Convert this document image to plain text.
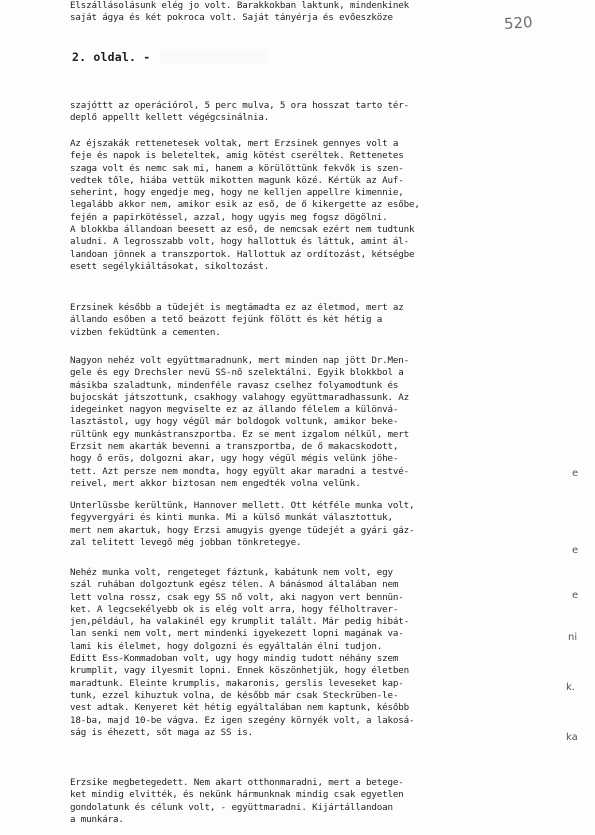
520
2. oldal. -
szajóttt az operációrol, 5 perc mulva, 5 ora hosszat tarto tér-
deplő appellt kellett végégcsinálnia.
Az éjszakák rettenetesek voltak, mert Erzsinek gennyes volt a
feje és napok is beleteltek, amig kötést cseréltek. Rettenetes
szaga volt és nemc sak mi, hanem a körülöttünk fekvők is szen-
vedtek tőle, hiába vettük mikotten magunk közé. Kértük az Auf-
seherint, hogy engedje meg, hogy ne kelljen appellre kimennie,
legalább akkor nem, amikor esik az eső, de ő kikergette az esőbe,
fején a papirkötéssel, azzal, hogy ugyis meg fogsz dögölni.
A blokkba állandoan beesett az eső, de nemcsak ezért nem tudtunk
aludni. A legrosszabb volt, hogy hallottuk és láttuk, amint ál-
landoan jönnek a transzportok. Hallottuk az ordítozást, kétségbe
esett segélykiáltásokat, sikoltozást.
Erzsinek később a tüdejét is megtámadta ez az életmod, mert az
állando esőben a tető beázott fejünk fölött és két hétig a
vizben feküdtünk a cementen.
Nagyon nehéz volt együttmaradnunk, mert minden nap jött Dr.Men-
gele és egy Drechsler nevü SS-nő szelektálni. Egyik blokkbol a
másikba szaladtunk, mindenféle ravasz cselhez folyamodtunk és
bujocskát játszottunk, csakhogy valahogy együttmaradhassunk. Az
idegeinket nagyon megviselte ez az állando félelem a különvá-
lasztástol, ugy hogy végül már boldogok voltunk, amikor beke-
rültünk egy munkástranszportba. Ez se ment izgalom nélkül, mert
Erzsit nem akarták bevenni a transzportba, de ő makacskodott,
hogy ő erös, dolgozni akar, ugy hogy végül mégis velünk jöhe-
tett. Azt persze nem mondta, hogy egyült akar maradni a testvé-
reivel, mert akkor biztosan nem engedték volna velünk.
Unterlüssbe kerültünk, Hannover mellett. Ott kétféle munka volt,
fegyvergyári és kinti munka. Mi a külső munkát választottuk,
mert nem akartuk, hogy Erzsi amugyis gyenge tüdejét a gyári gáz-
zal telitett levegő még jobban tönkretegye.
Nehéz munka volt, rengeteget fáztunk, kabátunk nem volt, egy
szál ruhában dolgoztunk egész télen. A bánásmod általában nem
lett volna rossz, csak egy SS nő volt, aki nagyon vert bennün-
ket. A legcsekélyebb ok is elég volt arra, hogy félholtraver-
jen,például, ha valakinél egy krumplit talált. Már pedig hibát-
lan senki nem volt, mert mindenki igyekezett lopni magának va-
lami kis élelmet, hogy dolgozni és egyáltalán élni tudjon.
Editt Ess-Kommadoban volt, ugy hogy mindig tudott néhány szem
krumplit, vagy ilyesmit lopni. Ennek köszönhetjük, hogy életben
maradtunk. Eleinte krumplis, makaronis, gerslis leveseket kap-
tunk, ezzel kihuztuk volna, de később már csak Steckrüben-le-
vest adtak. Kenyeret két hétig egyáltalában nem kaptunk, később
18-ba, majd 10-be vágva. Ez igen szegény környék volt, a lakosá-
ság is éhezett, sőt maga az SS is.
Erzsike megbetegedett. Nem akart otthonmaradni, mert a betege-
ket mindig elvitték, és nekünk hármunknak mindig csak egyetlen
gondolatunk és célunk volt, - együttmaradni. Kijártállandoan
a munkára.
Elszállásolásunk elég jo volt. Barakkokban laktunk, mindenkinek
saját ágya és két pokroca volt. Saját tányérja és evőeszköze
e
e
e
ni
k.
ka
